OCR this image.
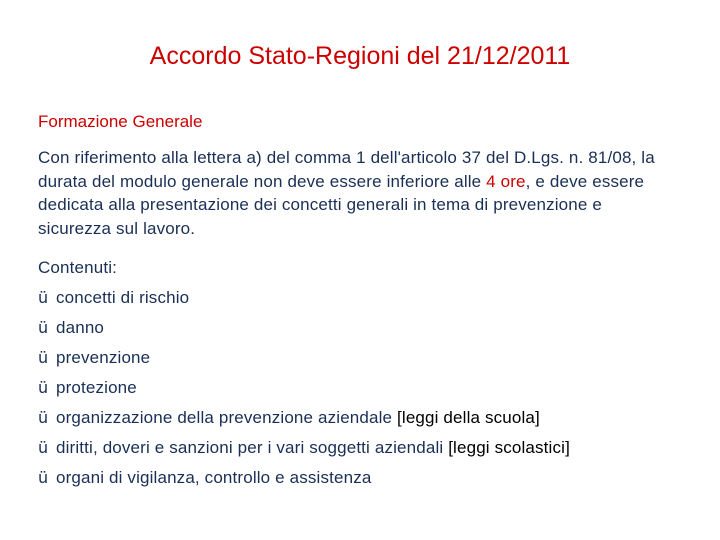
Accordo Stato-Regioni del 21/12/2011
Formazione Generale
Con riferimento alla lettera a) del comma 1 dell'articolo 37 del D.Lgs. n. 81/08, la durata del modulo generale non deve essere inferiore alle 4 ore, e deve essere dedicata alla presentazione dei concetti generali in tema di prevenzione e sicurezza sul lavoro.
Contenuti:
ü concetti di rischio
ü danno
ü prevenzione
ü protezione
ü organizzazione della prevenzione aziendale [leggi della scuola]
ü diritti, doveri e sanzioni per i vari soggetti aziendali [leggi scolastici]
ü organi di vigilanza, controllo e assistenza
